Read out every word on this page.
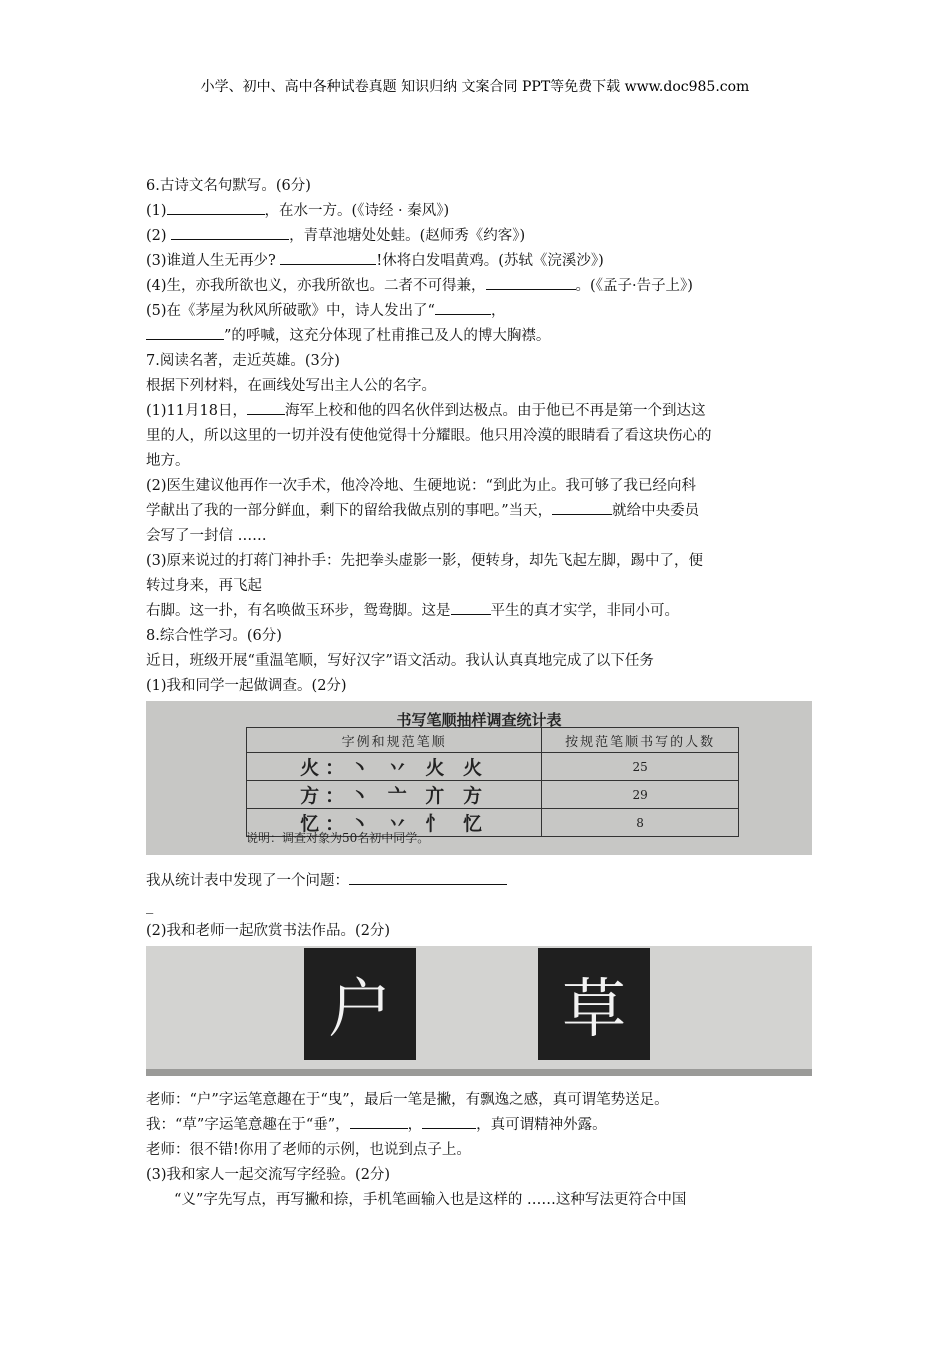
小学、初中、高中各种试卷真题 知识归纳 文案合同 PPT等免费下载 www.doc985.com
6.古诗文名句默写。(6分)
(1)	，在水一方。(《诗经 · 秦风》)
(2)	，青草池塘处处蛙。(赵师秀《约客》)
(3)谁道人生无再少?	!休将白发唱黄鸡。(苏轼《浣溪沙》)
(4)生，亦我所欲也义，亦我所欲也。二者不可得兼，	。(《孟子·告子上》)
(5)在《茅屋为秋风所破歌》中，诗人发出了“	，
”的呼喊，这充分体现了杜甫推己及人的博大胸襟。
7.阅读名著，走近英雄。(3分)
根据下列材料，在画线处写出主人公的名字。
(1)11月18日，	海军上校和他的四名伙伴到达极点。由于他已不再是第一个到达这
里的人，所以这里的一切并没有使他觉得十分耀眼。他只用冷漠的眼睛看了看这块伤心的
地方。
(2)医生建议他再作一次手术，他冷冷地、生硬地说：“到此为止。我可够了我已经向科
学献出了我的一部分鲜血，剩下的留给我做点别的事吧。”当天，	就给中央委员
会写了一封信 ……
(3)原来说过的打蒋门神扑手：先把拳头虚影一影，便转身，却先飞起左脚，踢中了，便
转过身来，再飞起
右脚。这一扑，有名唤做玉环步，鸳鸯脚。这是	平生的真才实学，非同小可。
8.综合性学习。(6分)
近日，班级开展“重温笔顺，写好汉字”语文活动。我认认真真地完成了以下任务
(1)我和同学一起做调查。(2分)
书写笔顺抽样调查统计表
字例和规范笔顺	按规范笔顺书写的人数
火：丶 丷 火 火	25
方：丶 亠 亣 方	29
忆：丶 丷 忄 忆	8
说明：调查对象为50名初中同学。
我从统计表中发现了一个问题：
_
(2)我和老师一起欣赏书法作品。(2分)
户	草
老师：“户”字运笔意趣在于“曳”，最后一笔是撇，有飘逸之感，真可谓笔势送足。
我：“草”字运笔意趣在于“垂”，	，	，真可谓精神外露。
老师：很不错!你用了老师的示例，也说到点子上。
(3)我和家人一起交流写字经验。(2分)
“义”字先写点，再写撇和捺，手机笔画输入也是这样的 ……这种写法更符合中国
